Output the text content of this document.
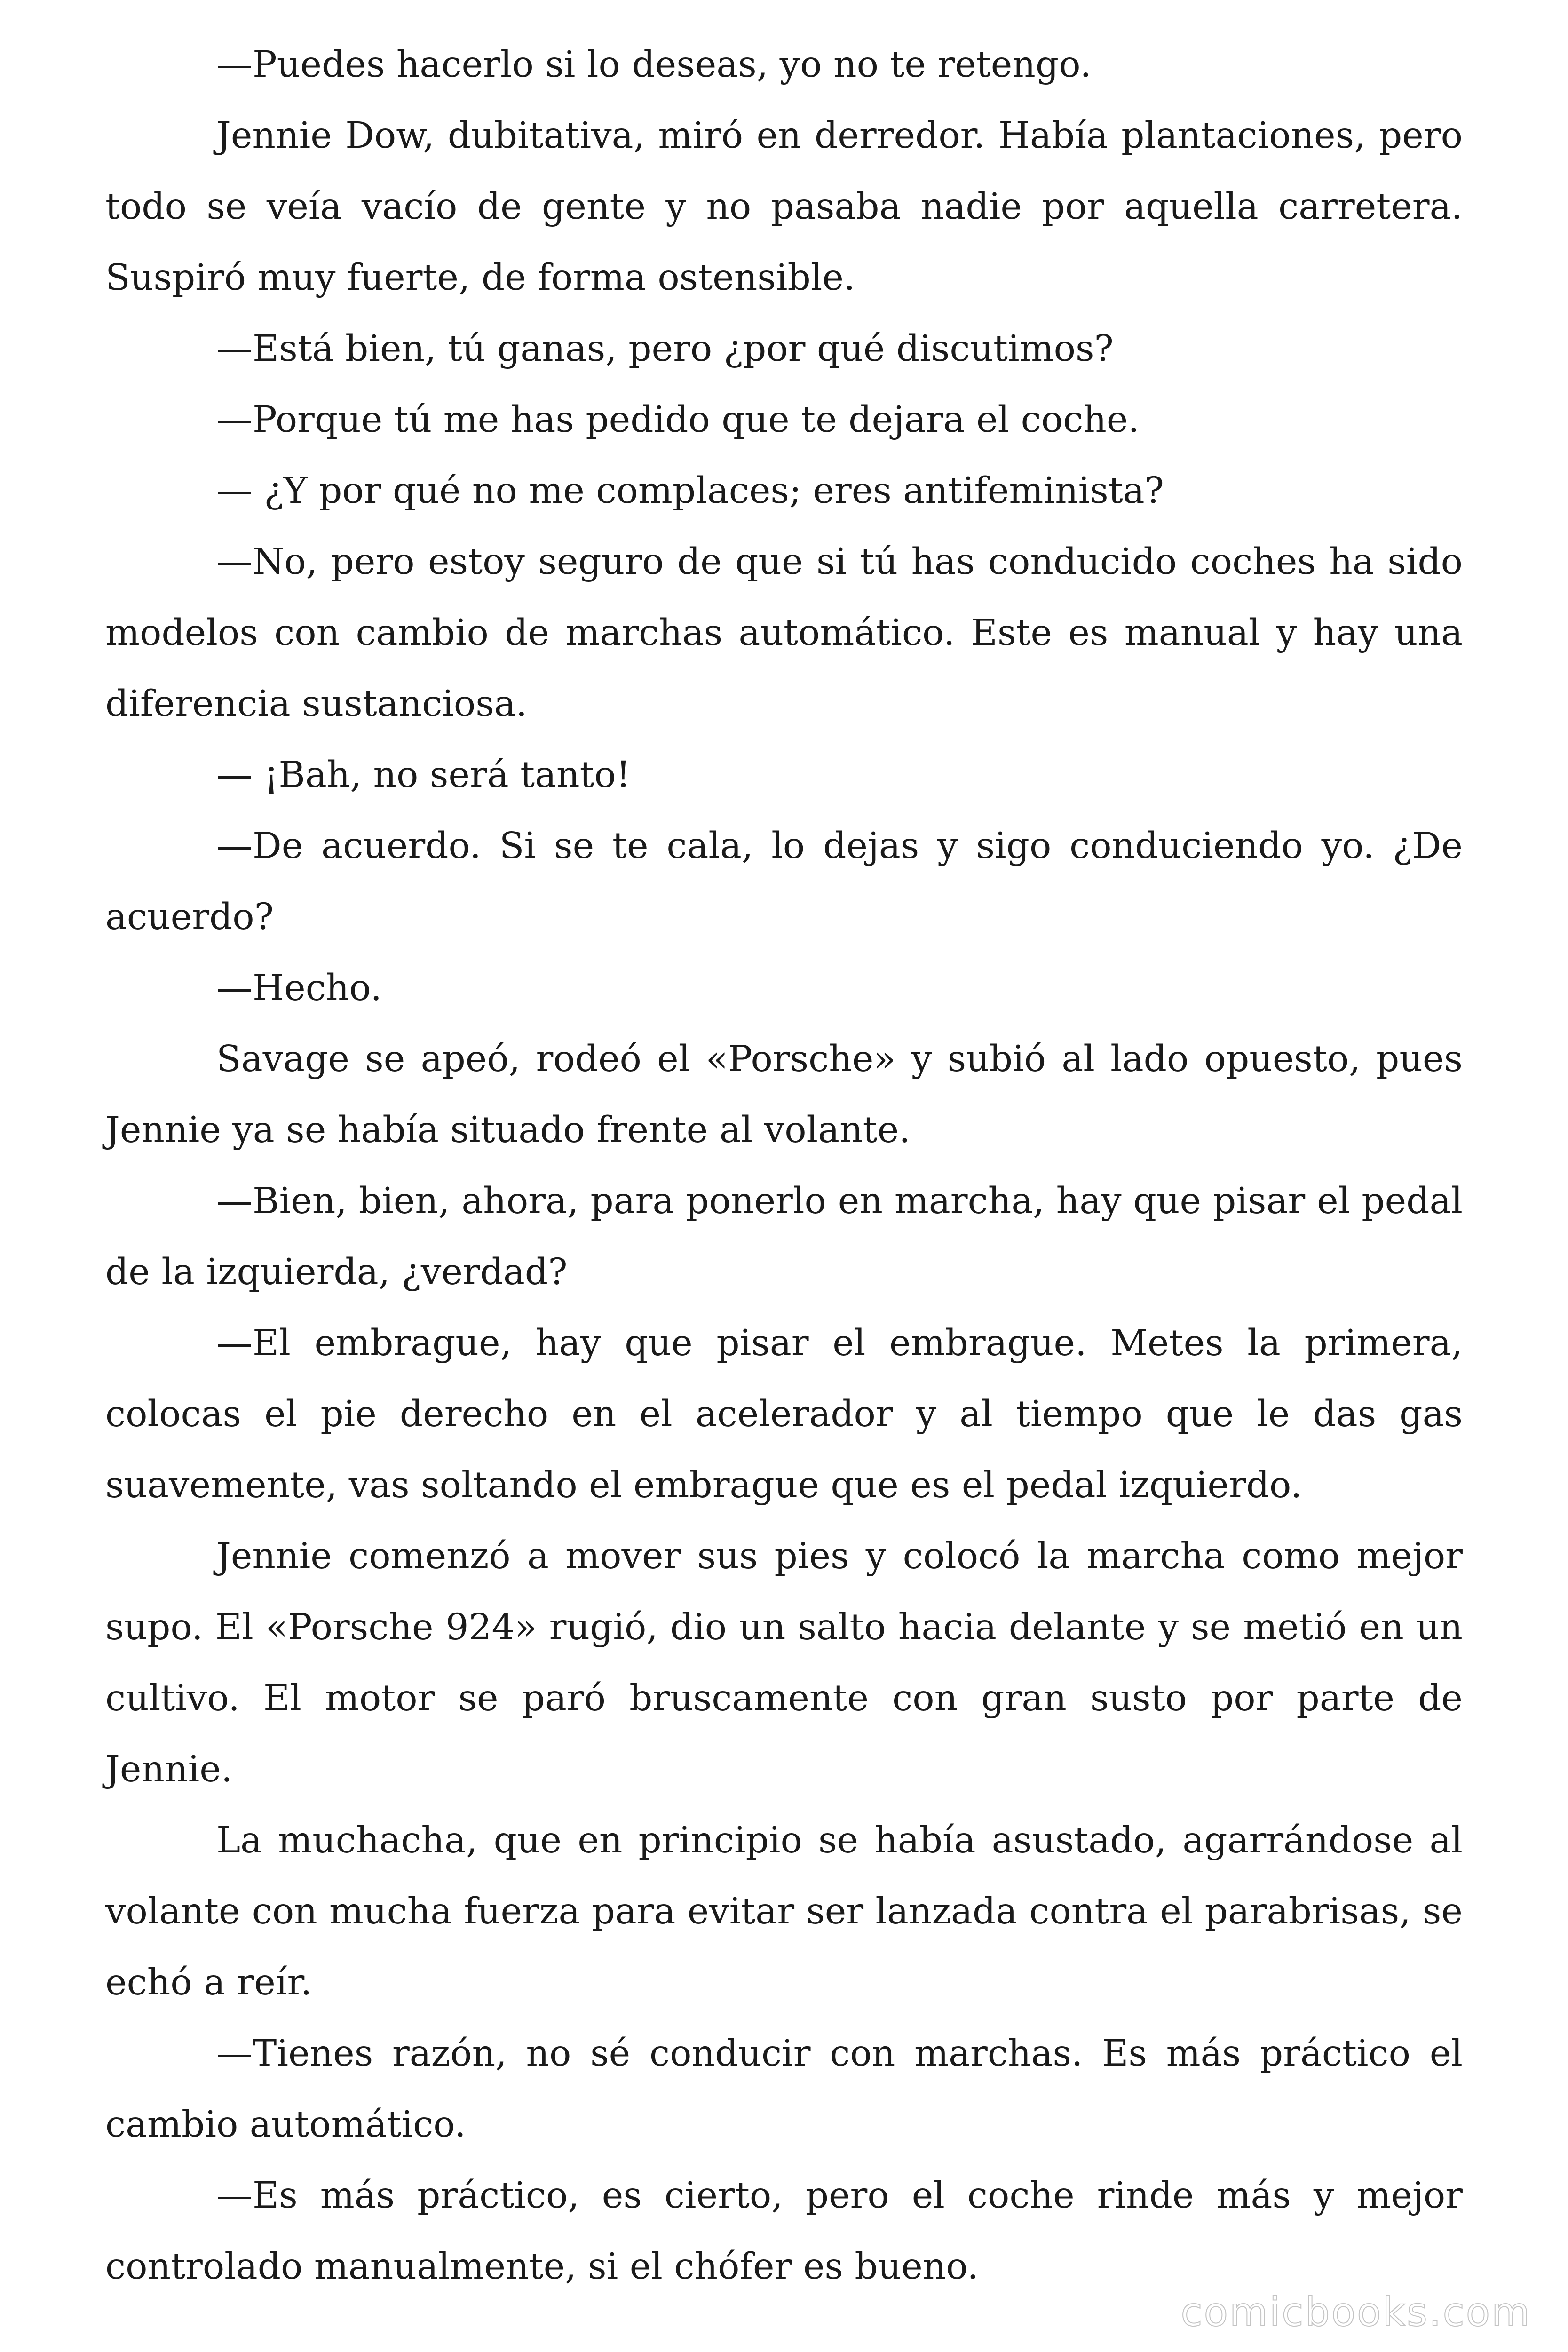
—Puedes hacerlo si lo deseas, yo no te retengo.

Jennie Dow, dubitativa, miró en derredor. Había plantaciones, pero todo se veía vacío de gente y no pasaba nadie por aquella carretera. Suspiró muy fuerte, de forma ostensible.

—Está bien, tú ganas, pero ¿por qué discutimos?

—Porque tú me has pedido que te dejara el coche.

— ¿Y por qué no me complaces; eres antifeminista?

—No, pero estoy seguro de que si tú has conducido coches ha sido modelos con cambio de marchas automático. Este es manual y hay una diferencia sustanciosa.

— ¡Bah, no será tanto!

—De acuerdo. Si se te cala, lo dejas y sigo conduciendo yo. ¿De acuerdo?

—Hecho.

Savage se apeó, rodeó el «Porsche» y subió al lado opuesto, pues Jennie ya se había situado frente al volante.

—Bien, bien, ahora, para ponerlo en marcha, hay que pisar el pedal de la izquierda, ¿verdad?

—El embrague, hay que pisar el embrague. Metes la primera, colocas el pie derecho en el acelerador y al tiempo que le das gas suavemente, vas soltando el embrague que es el pedal izquierdo.

Jennie comenzó a mover sus pies y colocó la marcha como mejor supo. El «Porsche 924» rugió, dio un salto hacia delante y se metió en un cultivo. El motor se paró bruscamente con gran susto por parte de Jennie.

La muchacha, que en principio se había asustado, agarrándose al volante con mucha fuerza para evitar ser lanzada contra el parabrisas, se echó a reír.

—Tienes razón, no sé conducir con marchas. Es más práctico el cambio automático.

—Es más práctico, es cierto, pero el coche rinde más y mejor controlado manualmente, si el chófer es bueno.

comicbooks.com
